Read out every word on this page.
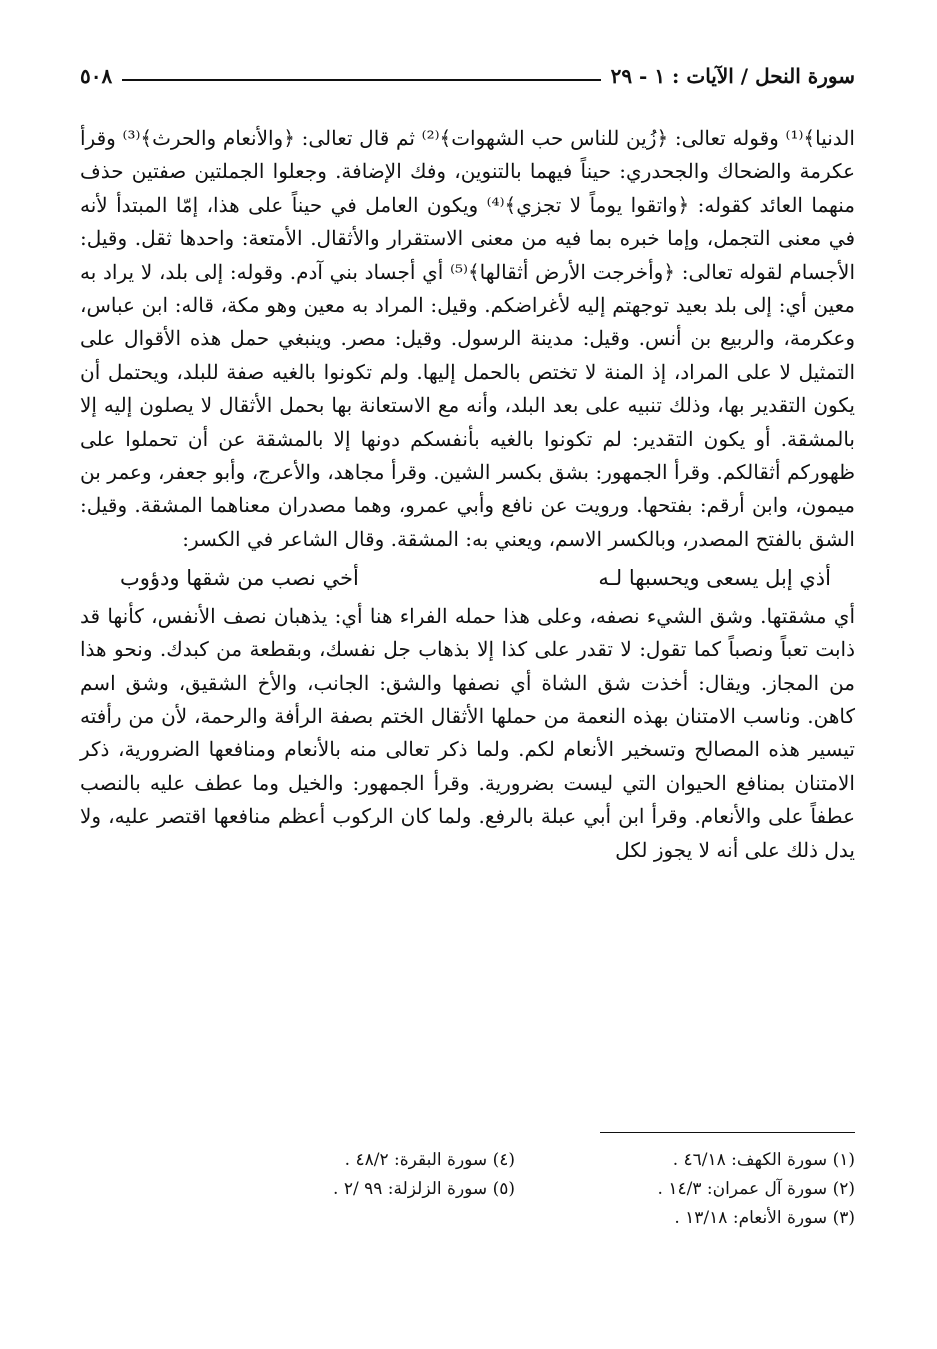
سورة النحل / الآيات : ١ - ٢٩
٥٠٨

الدنيا﴾⁽¹⁾ وقوله تعالى: ﴿زُين للناس حب الشهوات﴾⁽²⁾ ثم قال تعالى: ﴿والأنعام والحرث﴾⁽³⁾ وقرأ عكرمة والضحاك والجحدري: حيناً فيهما بالتنوين، وفك الإضافة. وجعلوا الجملتين صفتين حذف منهما العائد كقوله: ﴿واتقوا يوماً لا تجزي﴾⁽⁴⁾ ويكون العامل في حيناً على هذا، إمّا المبتدأ لأنه في معنى التجمل، وإما خبره بما فيه من معنى الاستقرار والأثقال. الأمتعة: واحدها ثقل. وقيل: الأجسام لقوله تعالى: ﴿وأخرجت الأرض أثقالها﴾⁽⁵⁾ أي أجساد بني آدم. وقوله: إلى بلد، لا يراد به معين أي: إلى بلد بعيد توجهتم إليه لأغراضكم. وقيل: المراد به معين وهو مكة، قاله: ابن عباس، وعكرمة، والربيع بن أنس. وقيل: مدينة الرسول. وقيل: مصر. وينبغي حمل هذه الأقوال على التمثيل لا على المراد، إذ المنة لا تختص بالحمل إليها. ولم تكونوا بالغيه صفة للبلد، ويحتمل أن يكون التقدير بها، وذلك تنبيه على بعد البلد، وأنه مع الاستعانة بها بحمل الأثقال لا يصلون إليه إلا بالمشقة. أو يكون التقدير: لم تكونوا بالغيه بأنفسكم دونها إلا بالمشقة عن أن تحملوا على ظهوركم أثقالكم. وقرأ الجمهور: بشق بكسر الشين. وقرأ مجاهد، والأعرج، وأبو جعفر، وعمر بن ميمون، وابن أرقم: بفتحها. ورويت عن نافع وأبي عمرو، وهما مصدران معناهما المشقة. وقيل: الشق بالفتح المصدر، وبالكسر الاسم، ويعني به: المشقة. وقال الشاعر في الكسر:

أذي إبل يسعى ويحسبها لـه
أخي نصب من شقها ودؤوب

أي مشقتها. وشق الشيء نصفه، وعلى هذا حمله الفراء هنا أي: يذهبان نصف الأنفس، كأنها قد ذابت تعباً ونصباً كما تقول: لا تقدر على كذا إلا بذهاب جل نفسك، وبقطعة من كبدك. ونحو هذا من المجاز. ويقال: أخذت شق الشاة أي نصفها والشق: الجانب، والأخ الشقيق، وشق اسم كاهن. وناسب الامتنان بهذه النعمة من حملها الأثقال الختم بصفة الرأفة والرحمة، لأن من رأفته تيسير هذه المصالح وتسخير الأنعام لكم. ولما ذكر تعالى منه بالأنعام ومنافعها الضرورية، ذكر الامتنان بمنافع الحيوان التي ليست بضرورية. وقرأ الجمهور: والخيل وما عطف عليه بالنصب عطفاً على والأنعام. وقرأ ابن أبي عبلة بالرفع. ولما كان الركوب أعظم منافعها اقتصر عليه، ولا يدل ذلك على أنه لا يجوز لكل

(١) سورة الكهف: ٤٦/١٨ .
(٤) سورة البقرة: ٤٨/٢ .
(٢) سورة آل عمران: ١٤/٣ .
(٥) سورة الزلزلة: ٩٩ /٢ .
(٣) سورة الأنعام: ١٣/١٨ .
